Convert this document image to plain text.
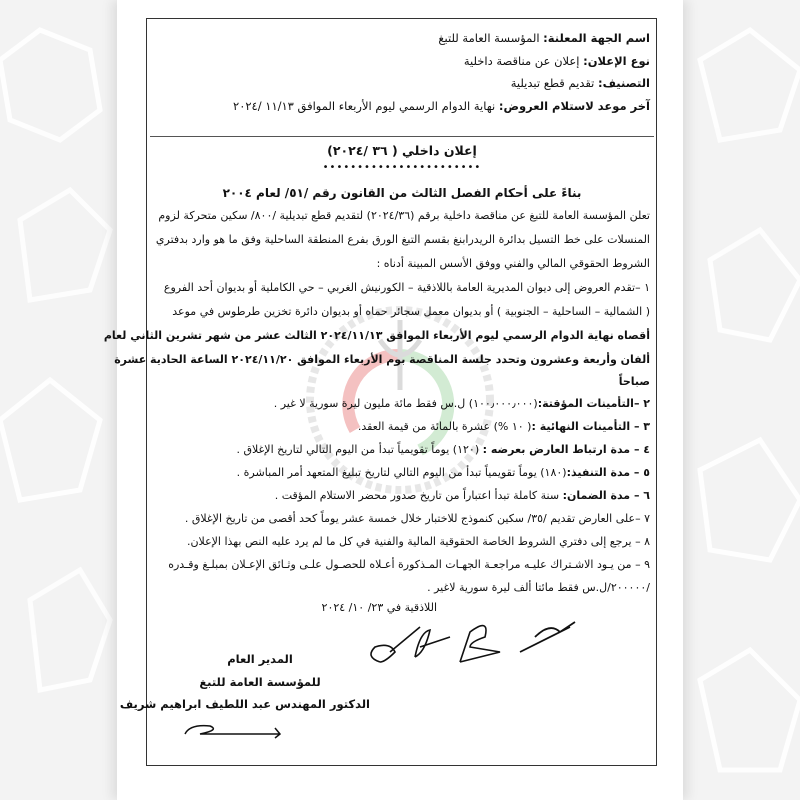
اسم الجهة المعلنة: المؤسسة العامة للتبغ
نوع الإعلان: إعلان عن مناقصة داخلية
التصنيف: تقديم قطع تبديلية
آخر موعد لاستلام العروض: نهاية الدوام الرسمي ليوم الأربعاء الموافق ١١/١٣ /٢٠٢٤
إعلان داخلي ( ٣٦ /٢٠٢٤)
•••••••••••••••••••••••
بناءً على أحكام الفصل الثالث من القانون رقم /٥١/ لعام ٢٠٠٤
تعلن المؤسسة العامة للتبغ عن مناقصة داخلية برقم (٢٠٢٤/٣٦) لتقديم قطع تبديلية /٨٠٠/ سكين متحركة لزوم
المنسلات على خط التسيل بدائرة الريدرابنغ بقسم التبغ الورق بفرع المنطقة الساحلية وفق ما هو وارد بدفتري
الشروط الحقوقي المالي والفني ووفق الأسس المبينة أدناه :
١ –تقدم العروض إلى ديوان المديرية العامة باللاذقية – الكورنيش الغربي – حي الكاملية أو بديوان أحد الفروع
( الشمالية – الساحلية – الجنوبية ) أو بديوان معمل سجائر حماه أو بديوان دائرة تخزين طرطوس في موعد
أقصاه نهاية الدوام الرسمي ليوم الأربعاء الموافق ٢٠٢٤/١١/١٣ الثالث عشر من شهر تشرين الثاني لعام
ألفان وأربعة وعشرون وتحدد جلسة المناقصة بوم الأربعاء الموافق ٢٠٢٤/١١/٢٠ الساعة الحادية عشرة
صباحاً
٢ –التأمينات المؤقتة:(١٠٠٫٠٠٠٫٠٠٠) ل.س فقط مائة مليون ليرة سورية لا غير .
٣ – التأمينات النهائية :( ١٠ %) عشرة بالمائة من قيمة العقد.
٤ – مدة ارتباط العارض بعرضه : (١٢٠) يوماً تقويمياً تبدأ من اليوم التالي لتاريخ الإغلاق .
٥ – مدة التنفيذ:(١٨٠) يوماً تقويمياً تبدأ من اليوم التالي لتاريخ تبليغ المتعهد أمر المباشرة .
٦ – مدة الضمان: سنة كاملة تبدأ اعتباراً من تاريخ صدور محضر الاستلام المؤقت .
٧ –على العارض تقديم /٣٥/ سكين كنموذج للاختبار خلال خمسة عشر يوماً كحد أقصى من تاريخ الإغلاق .
٨ – يرجع إلى دفتري الشروط الخاصة الحقوقية المالية والفنية في كل ما لم يرد عليه النص بهذا الإعلان.
٩ – من يـود الاشـتراك عليـه مراجعـة الجهـات المـذكورة أعـلاه للحصـول علـى وثـائق الإعـلان بمبلـغ وقـدره
/٢٠٠٠٠٠/ل.س فقط مائتا ألف ليرة سورية لاغير .
اللاذقية في ٢٣/ ١٠/ ٢٠٢٤
المدير العام
للمؤسسة العامة للتبغ
الدكتور المهندس عبد اللطيف ابراهيم شريف
